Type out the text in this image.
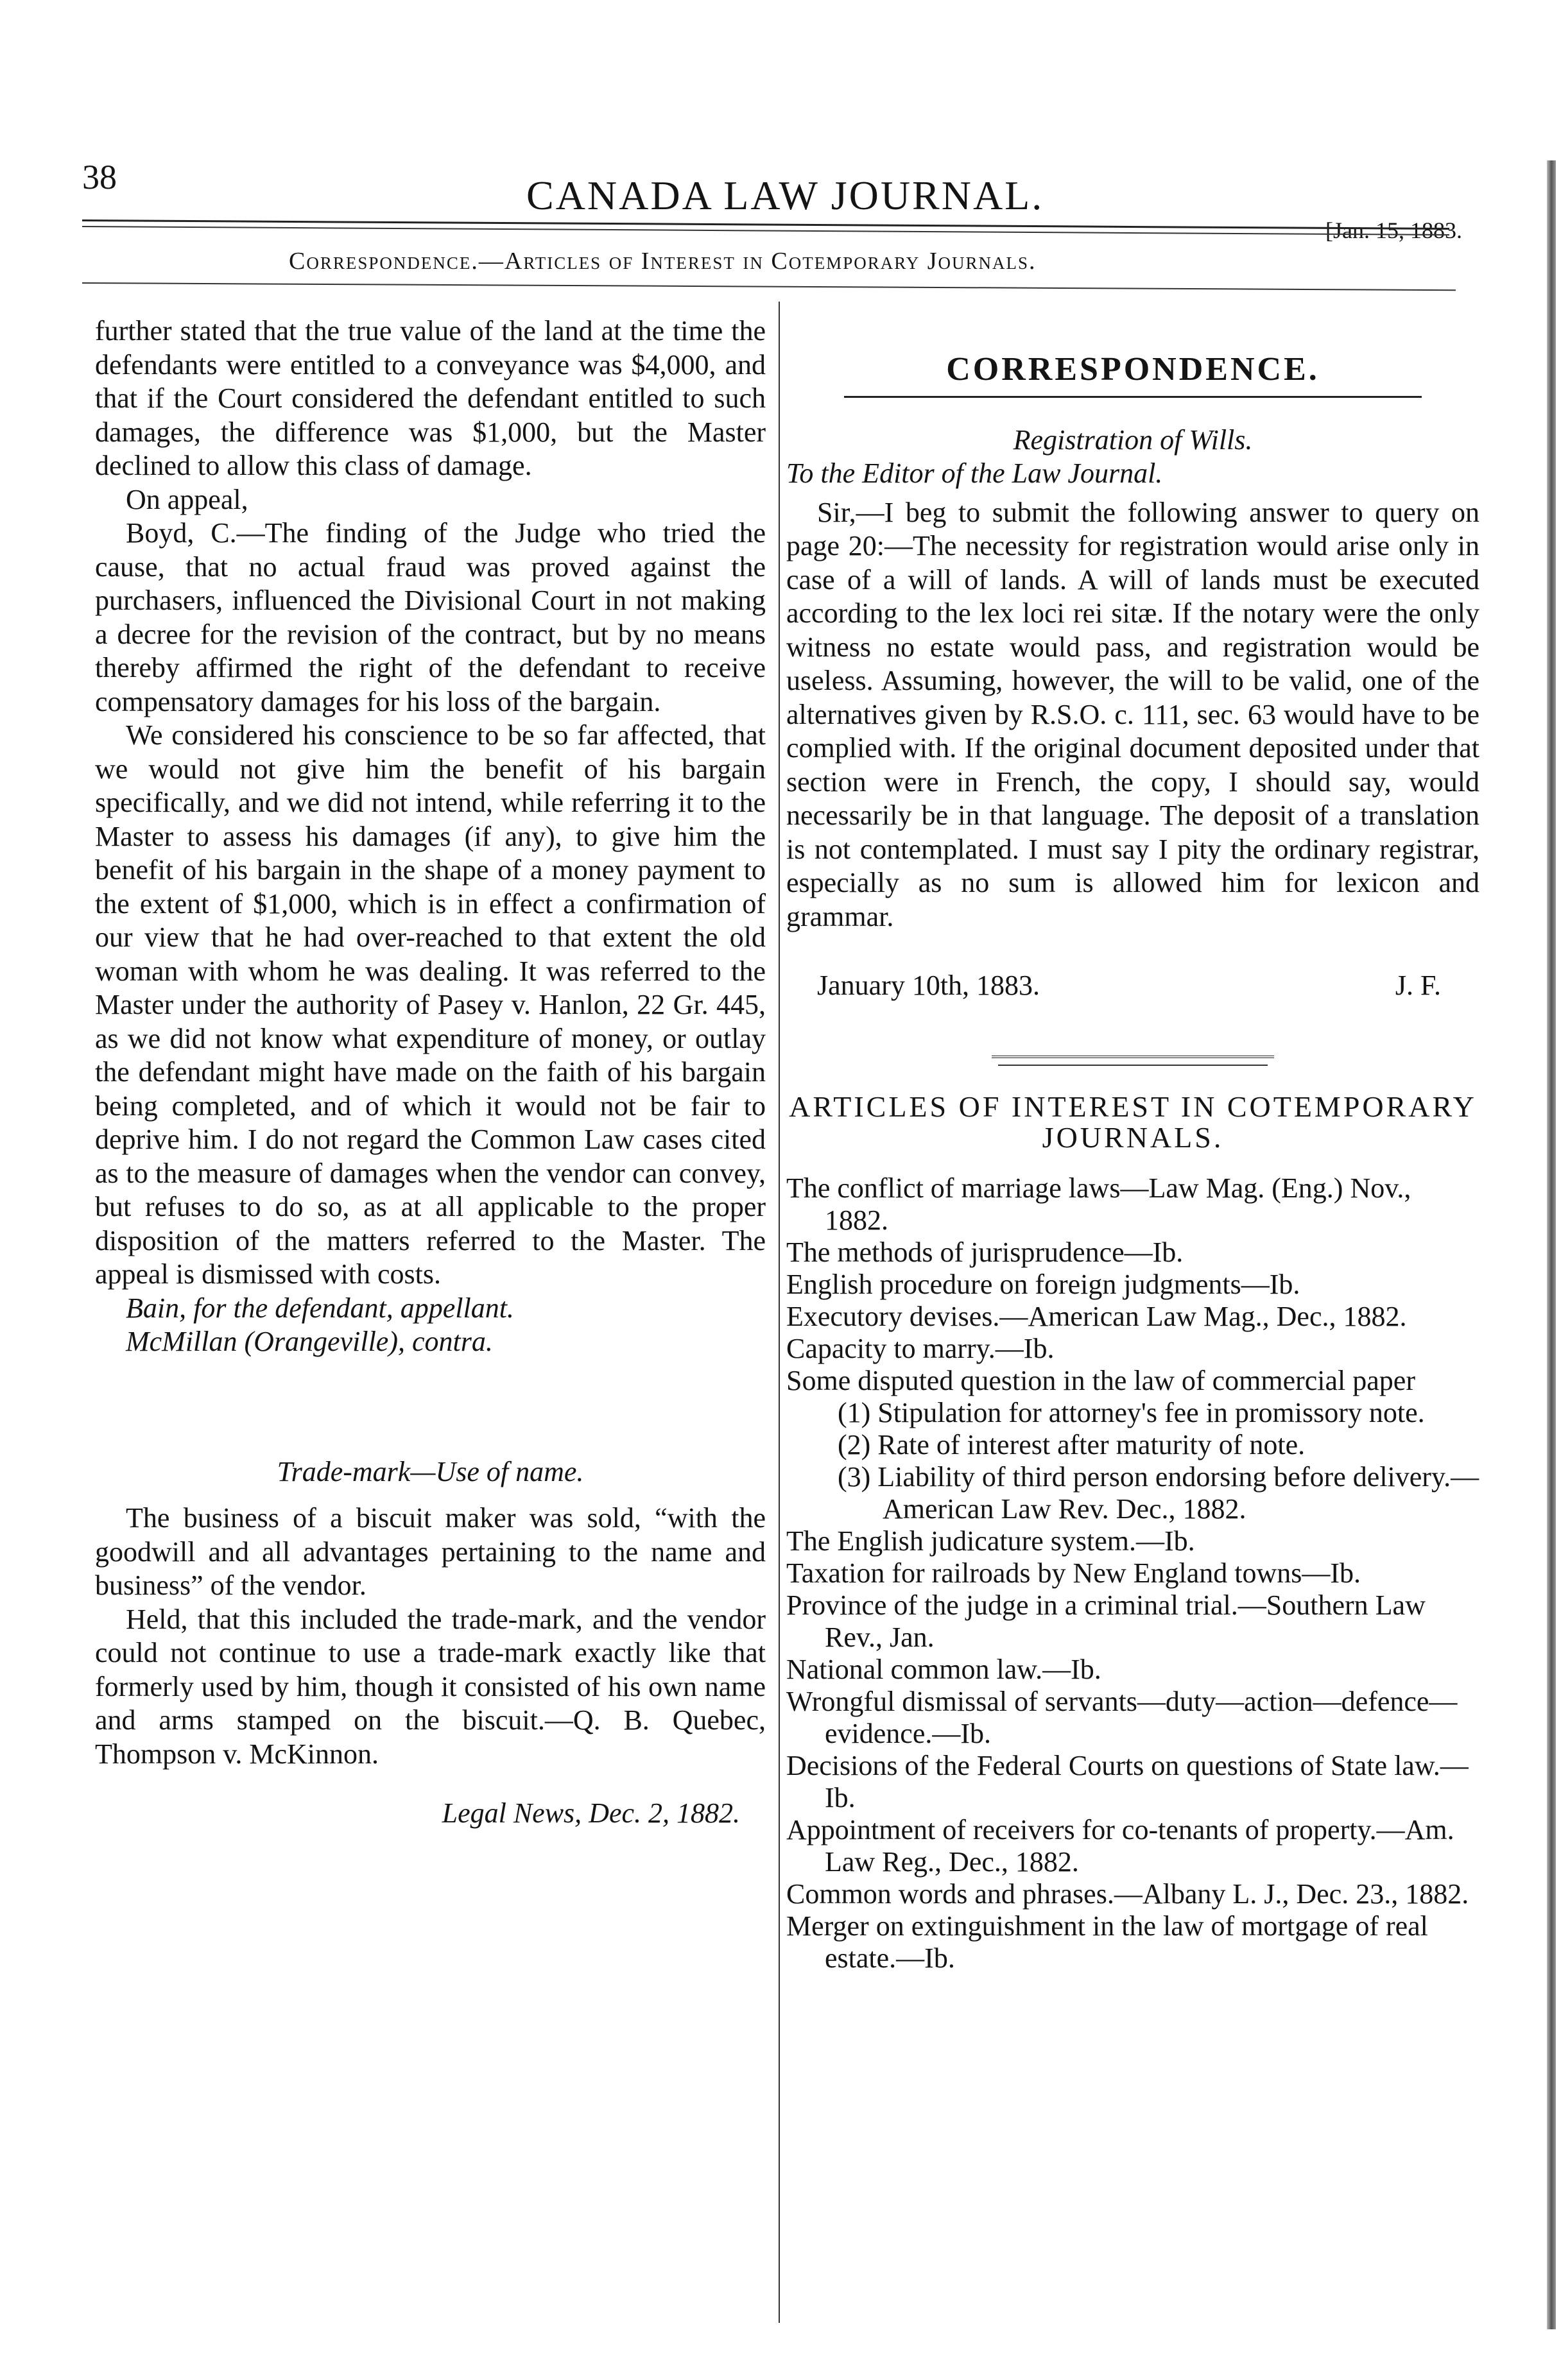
38	CANADA LAW JOURNAL.
[Jan. 15, 1883.
Correspondence.—Articles of Interest in Cotemporary Journals.

further stated that the true value of the land at the time the defendants were entitled to a conveyance was $4,000, and that if the Court considered the defendant entitled to such damages, the difference was $1,000, but the Master declined to allow this class of damage.

On appeal,

Boyd, C.—The finding of the Judge who tried the cause, that no actual fraud was proved against the purchasers, influenced the Divisional Court in not making a decree for the revision of the contract, but by no means thereby affirmed the right of the defendant to receive compensatory damages for his loss of the bargain.

We considered his conscience to be so far affected, that we would not give him the benefit of his bargain specifically, and we did not intend, while referring it to the Master to assess his damages (if any), to give him the benefit of his bargain in the shape of a money payment to the extent of $1,000, which is in effect a confirmation of our view that he had over-reached to that extent the old woman with whom he was dealing. It was referred to the Master under the authority of Pasey v. Hanlon, 22 Gr. 445, as we did not know what expenditure of money, or outlay the defendant might have made on the faith of his bargain being completed, and of which it would not be fair to deprive him. I do not regard the Common Law cases cited as to the measure of damages when the vendor can convey, but refuses to do so, as at all applicable to the proper disposition of the matters referred to the Master. The appeal is dismissed with costs.

Bain, for the defendant, appellant.

McMillan (Orangeville), contra.

Trade-mark—Use of name.

The business of a biscuit maker was sold, “with the goodwill and all advantages pertaining to the name and business” of the vendor.

Held, that this included the trade-mark, and the vendor could not continue to use a trade-mark exactly like that formerly used by him, though it consisted of his own name and arms stamped on the biscuit.—Q. B. Quebec, Thompson v. McKinnon.

Legal News, Dec. 2, 1882.
CORRESPONDENCE.
Registration of Wills.
To the Editor of the Law Journal.

Sir,—I beg to submit the following answer to query on page 20:—The necessity for registration would arise only in case of a will of lands. A will of lands must be executed according to the lex loci rei sitæ. If the notary were the only witness no estate would pass, and registration would be useless. Assuming, however, the will to be valid, one of the alternatives given by R.S.O. c. 111, sec. 63 would have to be complied with. If the original document deposited under that section were in French, the copy, I should say, would necessarily be in that language. The deposit of a translation is not contemplated. I must say I pity the ordinary registrar, especially as no sum is allowed him for lexicon and grammar.

January 10th, 1883.	J. F.
ARTICLES OF INTEREST IN COTEMPORARY JOURNALS.
The conflict of marriage laws—Law Mag. (Eng.) Nov., 1882.
The methods of jurisprudence—Ib.
English procedure on foreign judgments—Ib.
Executory devises.—American Law Mag., Dec., 1882.
Capacity to marry.—Ib.
Some disputed question in the law of commercial paper
(1) Stipulation for attorney's fee in promissory note.
(2) Rate of interest after maturity of note.
(3) Liability of third person endorsing before delivery.—American Law Rev. Dec., 1882.
The English judicature system.—Ib.
Taxation for railroads by New England towns—Ib.
Province of the judge in a criminal trial.—Southern Law Rev., Jan.
National common law.—Ib.
Wrongful dismissal of servants—duty—action—defence—evidence.—Ib.
Decisions of the Federal Courts on questions of State law.—Ib.
Appointment of receivers for co-tenants of property.—Am. Law Reg., Dec., 1882.
Common words and phrases.—Albany L. J., Dec. 23., 1882.
Merger on extinguishment in the law of mortgage of real estate.—Ib.
